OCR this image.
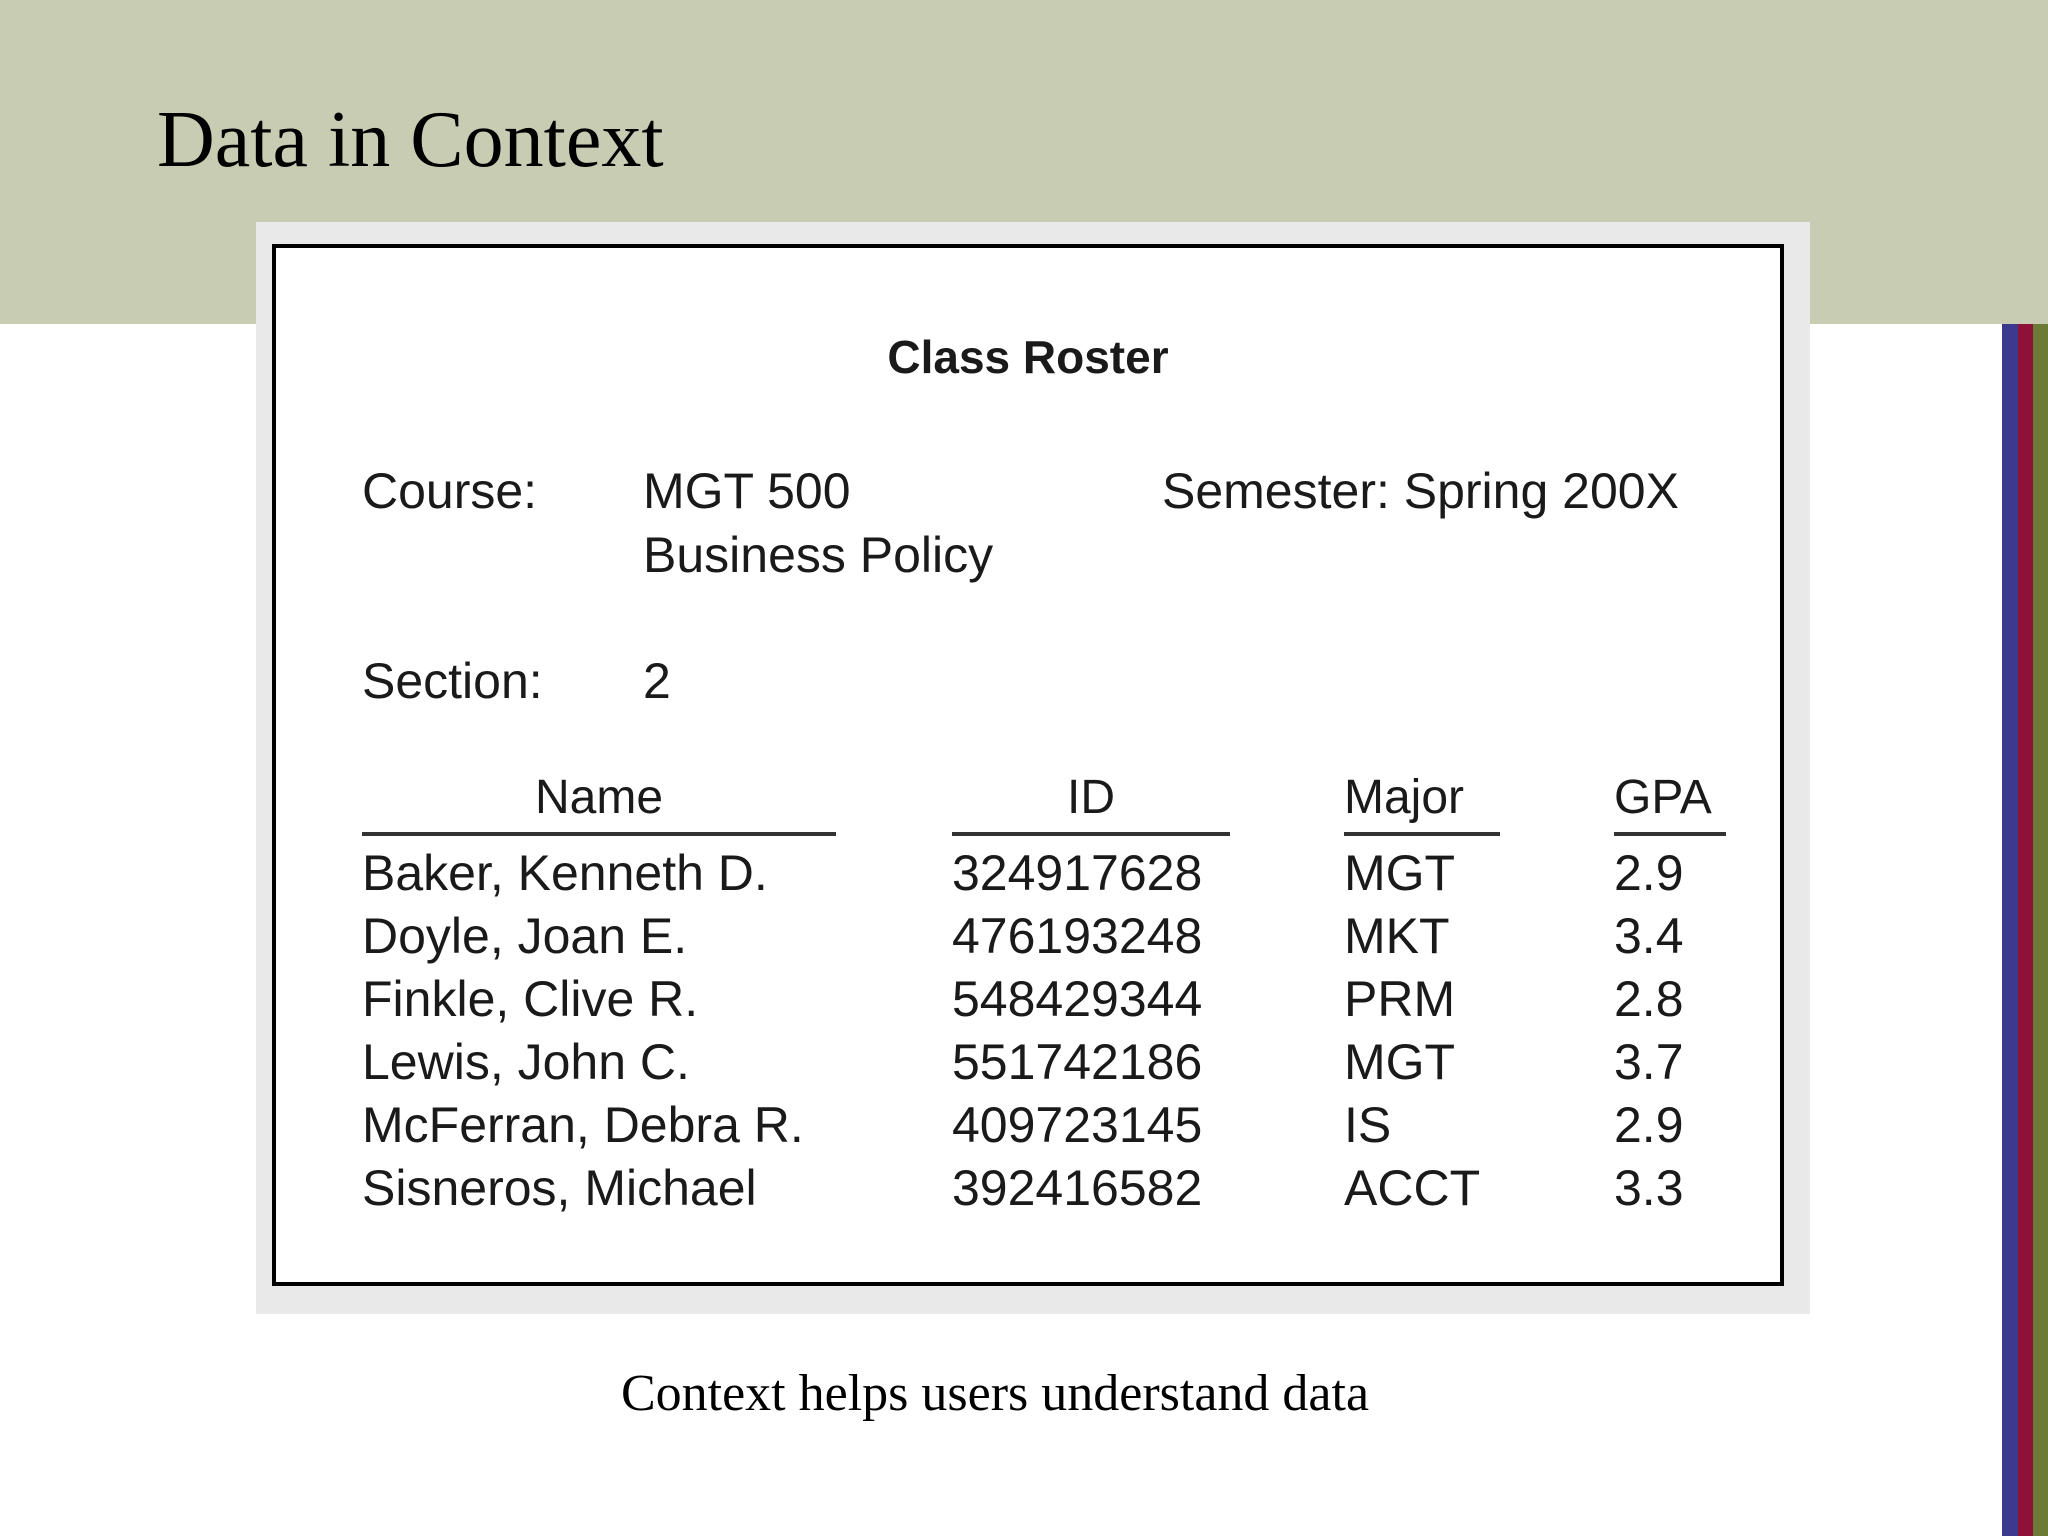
Data in Context
Class Roster
Course: MGT 500
Business Policy
Semester: Spring 200X
Section: 2
Name	ID	Major	GPA
Baker, Kenneth D.	324917628	MGT	2.9
Doyle, Joan E.	476193248	MKT	3.4
Finkle, Clive R.	548429344	PRM	2.8
Lewis, John C.	551742186	MGT	3.7
McFerran, Debra R.	409723145	IS	2.9
Sisneros, Michael	392416582	ACCT	3.3
Context helps users understand data
